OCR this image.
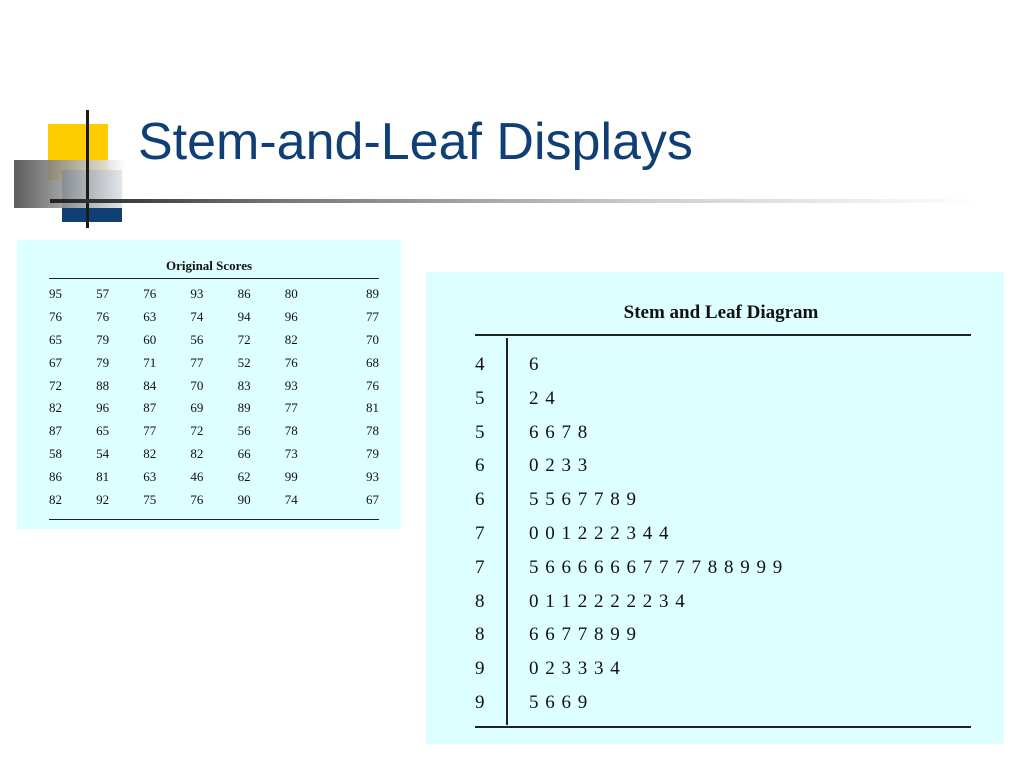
Stem-and-Leaf Displays
Original Scores
95	57	76	93	86	80	89
76	76	63	74	94	96	77
65	79	60	56	72	82	70
67	79	71	77	52	76	68
72	88	84	70	83	93	76
82	96	87	69	89	77	81
87	65	77	72	56	78	78
58	54	82	82	66	73	79
86	81	63	46	62	99	93
82	92	75	76	90	74	67
Stem and Leaf Diagram
4 6
5 2 4
5 6 6 7 8
6 0 2 3 3
6 5 5 6 7 7 8 9
7 0 0 1 2 2 2 3 4 4
7 5 6 6 6 6 6 6 7 7 7 7 8 8 9 9 9
8 0 1 1 2 2 2 2 2 3 4
8 6 6 7 7 8 9 9
9 0 2 3 3 3 4
9 5 6 6 9
